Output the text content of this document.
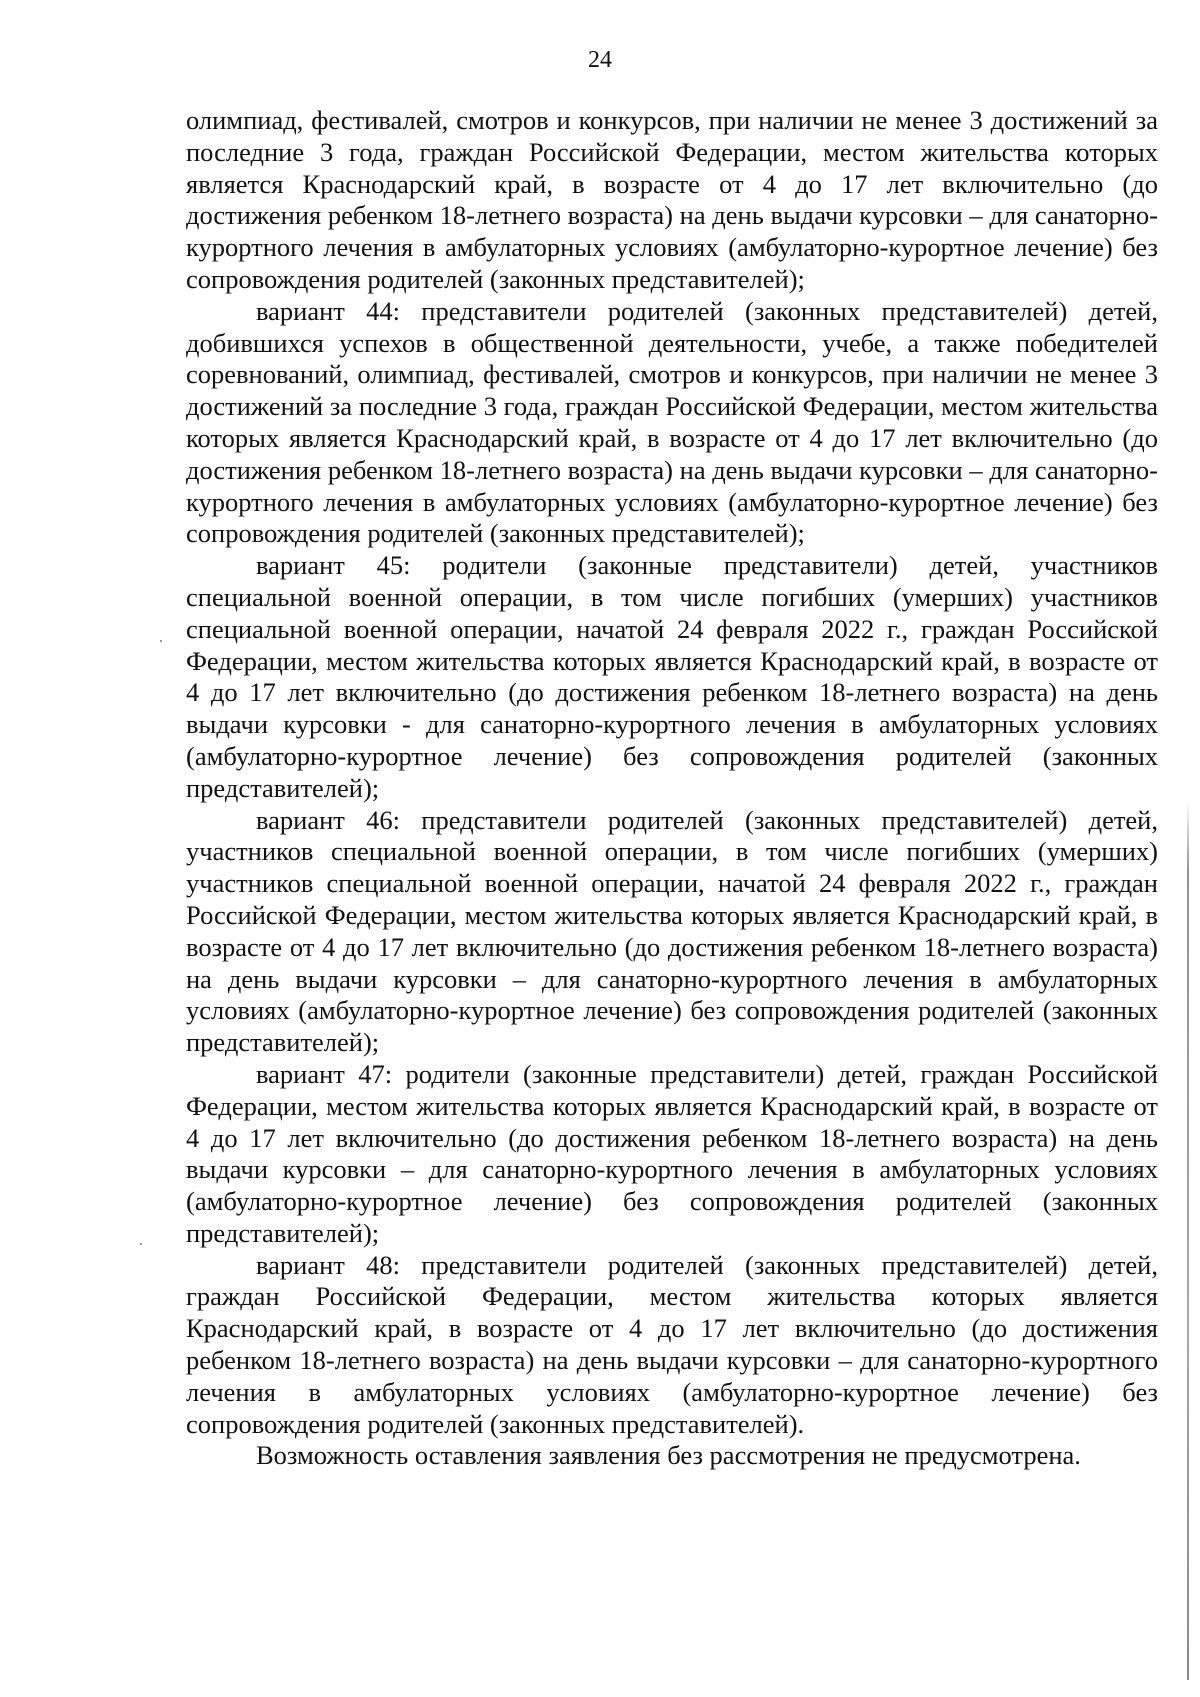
24

олимпиад, фестивалей, смотров и конкурсов, при наличии не менее 3 достижений за последние 3 года, граждан Российской Федерации, местом жительства которых является Краснодарский край, в возрасте от 4 до 17 лет включительно (до достижения ребенком 18-летнего возраста) на день выдачи курсовки – для санаторно-курортного лечения в амбулаторных условиях (амбулаторно-курортное лечение) без сопровождения родителей (законных представителей);

вариант 44: представители родителей (законных представителей) детей, добившихся успехов в общественной деятельности, учебе, а также победителей соревнований, олимпиад, фестивалей, смотров и конкурсов, при наличии не менее 3 достижений за последние 3 года, граждан Российской Федерации, местом жительства которых является Краснодарский край, в возрасте от 4 до 17 лет включительно (до достижения ребенком 18-летнего возраста) на день выдачи курсовки – для санаторно-курортного лечения в амбулаторных условиях (амбулаторно-курортное лечение) без сопровождения родителей (законных представителей);

вариант 45: родители (законные представители) детей, участников специальной военной операции, в том числе погибших (умерших) участников специальной военной операции, начатой 24 февраля 2022 г., граждан Российской Федерации, местом жительства которых является Краснодарский край, в возрасте от 4 до 17 лет включительно (до достижения ребенком 18-летнего возраста) на день выдачи курсовки - для санаторно-курортного лечения в амбулаторных условиях (амбулаторно-курортное лечение) без сопровождения родителей (законных представителей);

вариант 46: представители родителей (законных представителей) детей, участников специальной военной операции, в том числе погибших (умерших) участников специальной военной операции, начатой 24 февраля 2022 г., граждан Российской Федерации, местом жительства которых является Краснодарский край, в возрасте от 4 до 17 лет включительно (до достижения ребенком 18-летнего возраста) на день выдачи курсовки – для санаторно-курортного лечения в амбулаторных условиях (амбулаторно-курортное лечение) без сопровождения родителей (законных представителей);

вариант 47: родители (законные представители) детей, граждан Российской Федерации, местом жительства которых является Краснодарский край, в возрасте от 4 до 17 лет включительно (до достижения ребенком 18-летнего возраста) на день выдачи курсовки – для санаторно-курортного лечения в амбулаторных условиях (амбулаторно-курортное лечение) без сопровождения родителей (законных представителей);

вариант 48: представители родителей (законных представителей) детей, граждан Российской Федерации, местом жительства которых является Краснодарский край, в возрасте от 4 до 17 лет включительно (до достижения ребенком 18-летнего возраста) на день выдачи курсовки – для санаторно-курортного лечения в амбулаторных условиях (амбулаторно-курортное лечение) без сопровождения родителей (законных представителей).

Возможность оставления заявления без рассмотрения не предусмотрена.
